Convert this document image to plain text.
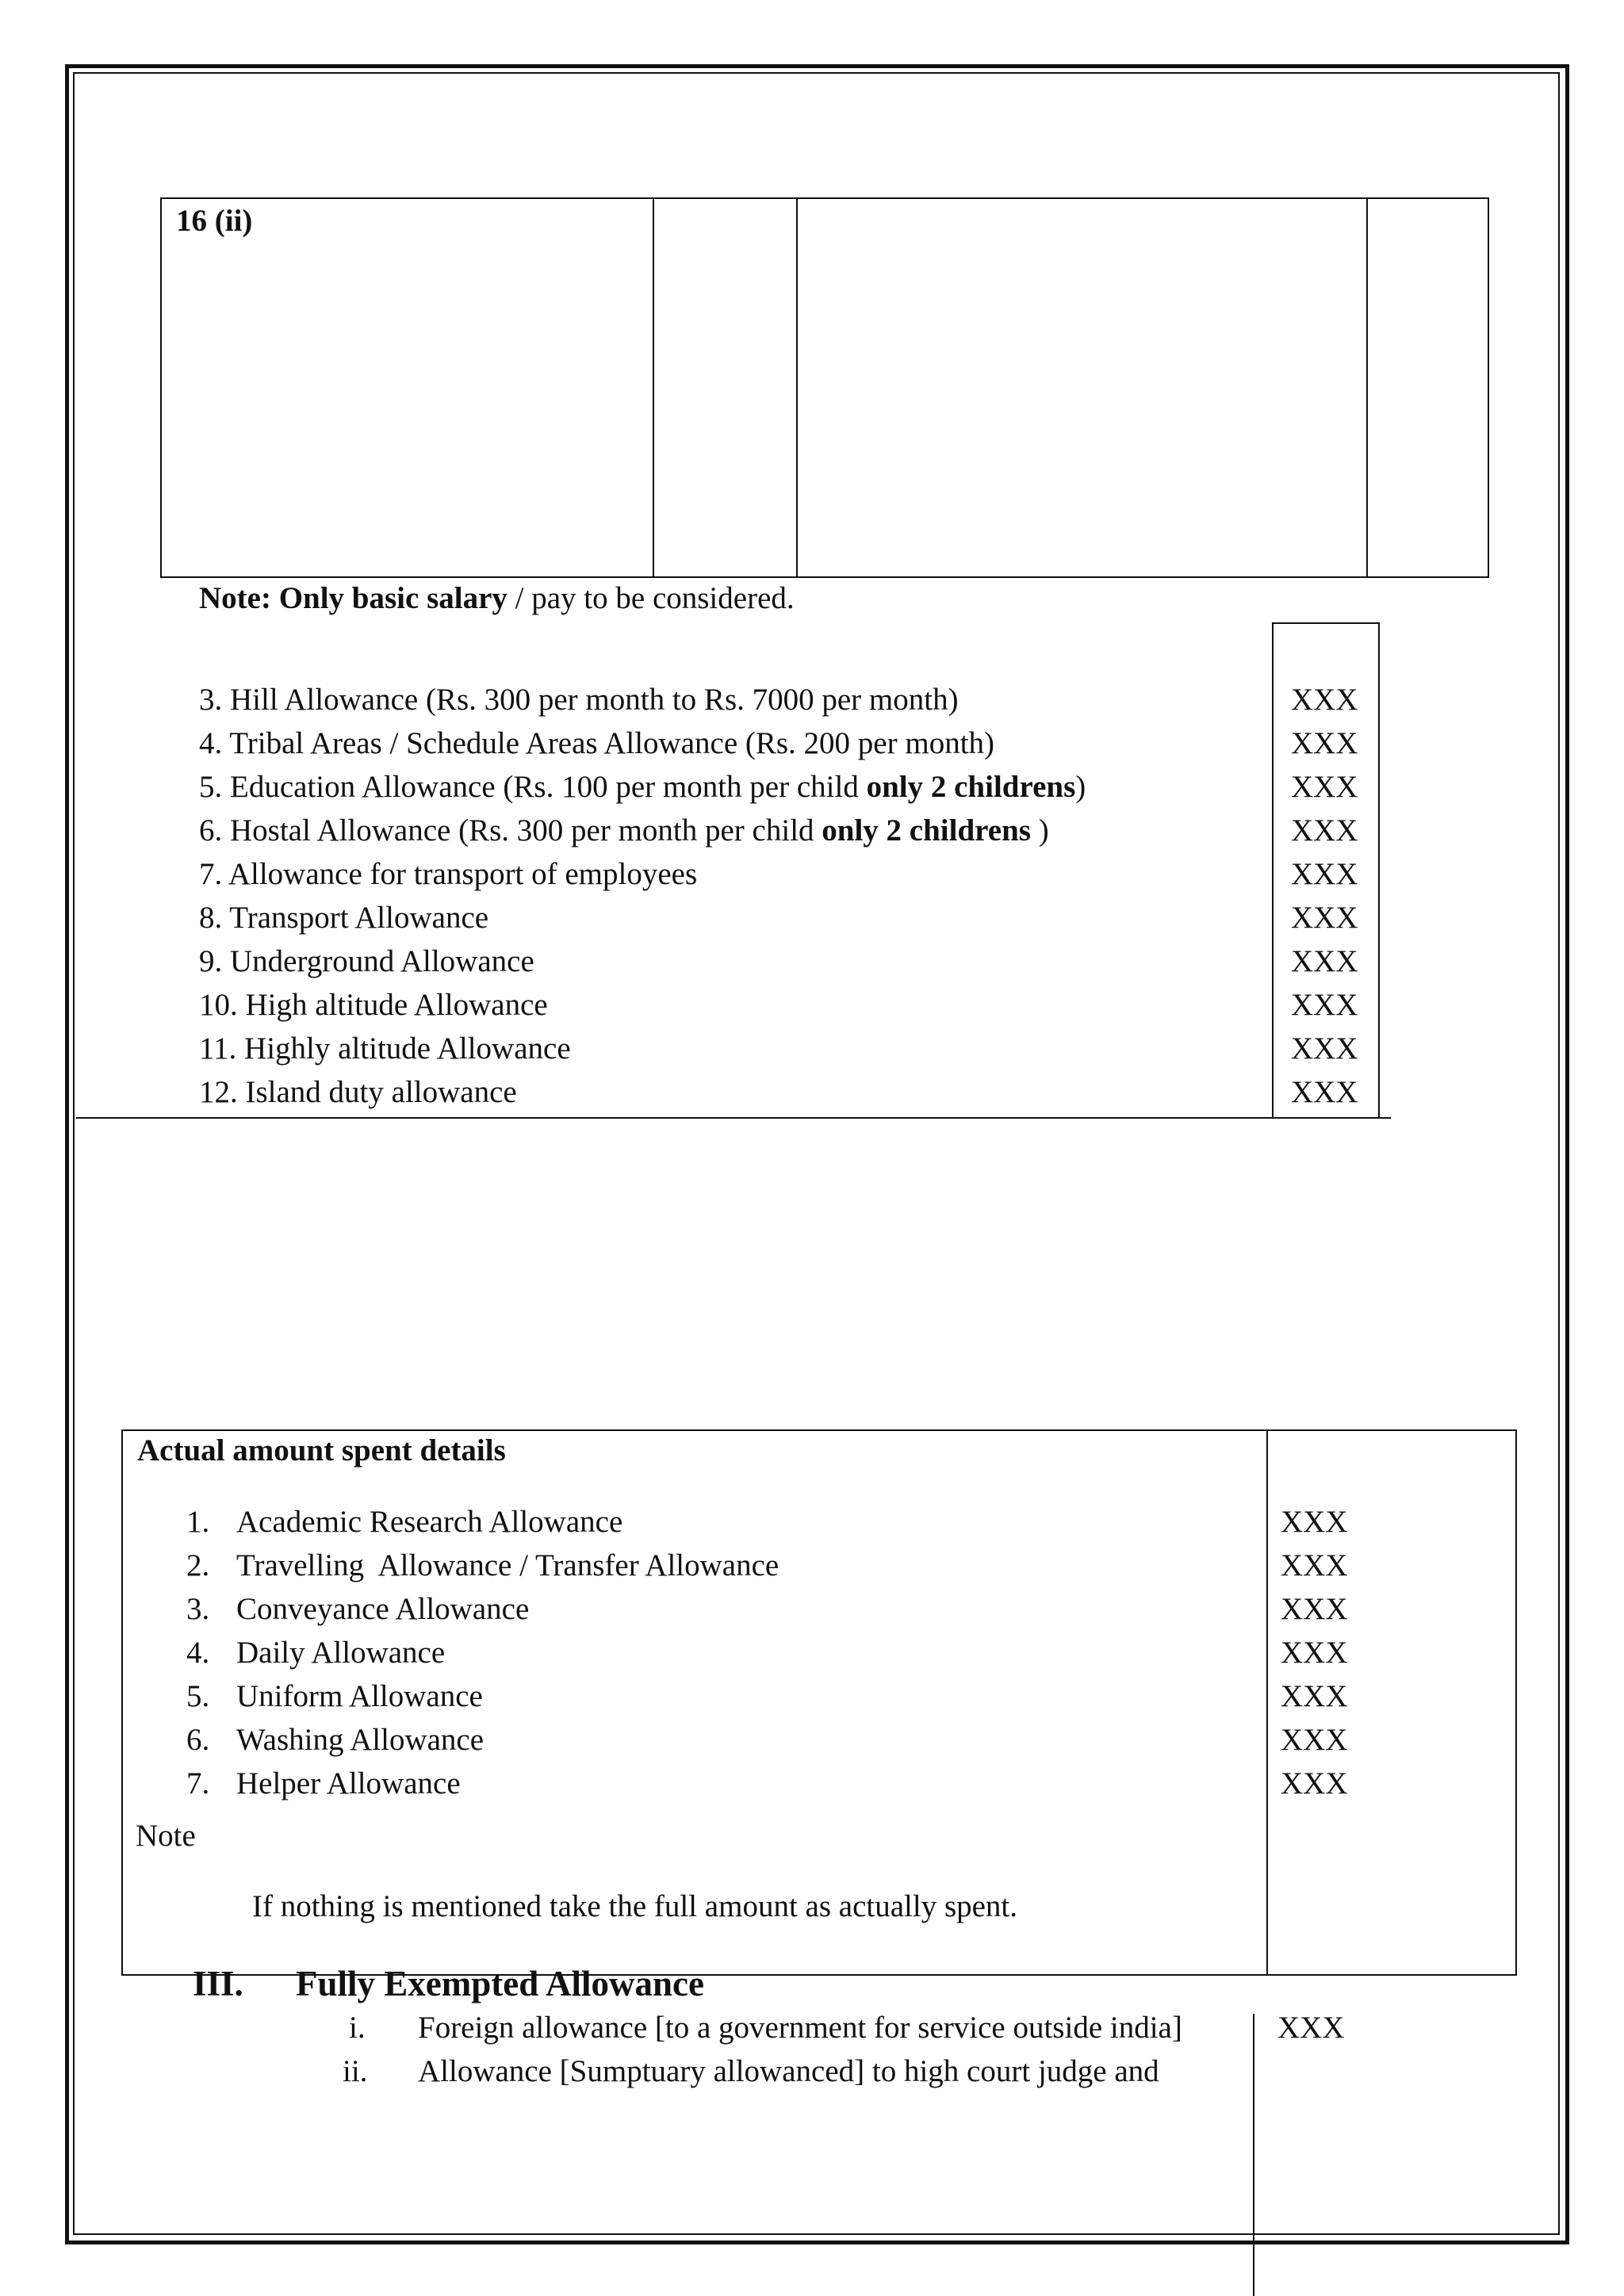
16 (ii)
Note: Only basic salary / pay to be considered.
3. Hill Allowance (Rs. 300 per month to Rs. 7000 per month)	XXX
4. Tribal Areas / Schedule Areas Allowance (Rs. 200 per month)	XXX
5. Education Allowance (Rs. 100 per month per child only 2 childrens)	XXX
6. Hostal Allowance (Rs. 300 per month per child only 2 childrens )	XXX
7. Allowance for transport of employees	XXX
8. Transport Allowance	XXX
9. Underground Allowance	XXX
10. High altitude Allowance	XXX
11. Highly altitude Allowance	XXX
12. Island duty allowance	XXX
Actual amount spent details
1. Academic Research Allowance	XXX
2. Travelling  Allowance / Transfer Allowance	XXX
3. Conveyance Allowance	XXX
4. Daily Allowance	XXX
5. Uniform Allowance	XXX
6. Washing Allowance	XXX
7. Helper Allowance	XXX
Note
If nothing is mentioned take the full amount as actually spent.
III. Fully Exempted Allowance
i. Foreign allowance [to a government for service outside india]	XXX
ii. Allowance [Sumptuary allowanced] to high court judge and
